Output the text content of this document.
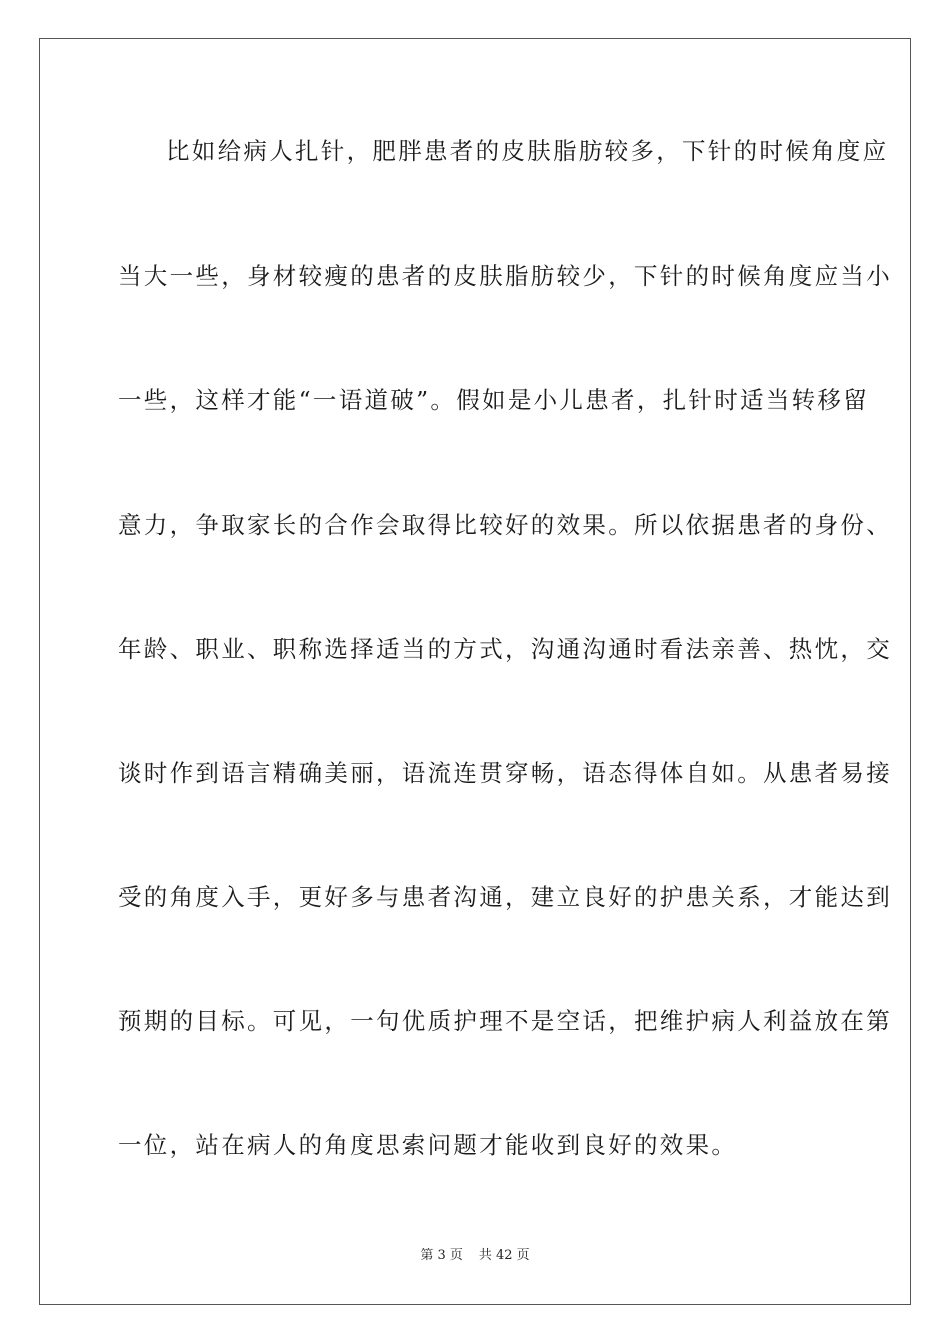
比如给病人扎针，肥胖患者的皮肤脂肪较多，下针的时候角度应
当大一些，身材较瘦的患者的皮肤脂肪较少，下针的时候角度应当小
一些，这样才能“一语道破”。假如是小儿患者，扎针时适当转移留
意力，争取家长的合作会取得比较好的效果。所以依据患者的身份、
年龄、职业、职称选择适当的方式，沟通沟通时看法亲善、热忱，交
谈时作到语言精确美丽，语流连贯穿畅，语态得体自如。从患者易接
受的角度入手，更好多与患者沟通，建立良好的护患关系，才能达到
预期的目标。可见，一句优质护理不是空话，把维护病人利益放在第
一位，站在病人的角度思索问题才能收到良好的效果。
第 3 页 共 42 页
